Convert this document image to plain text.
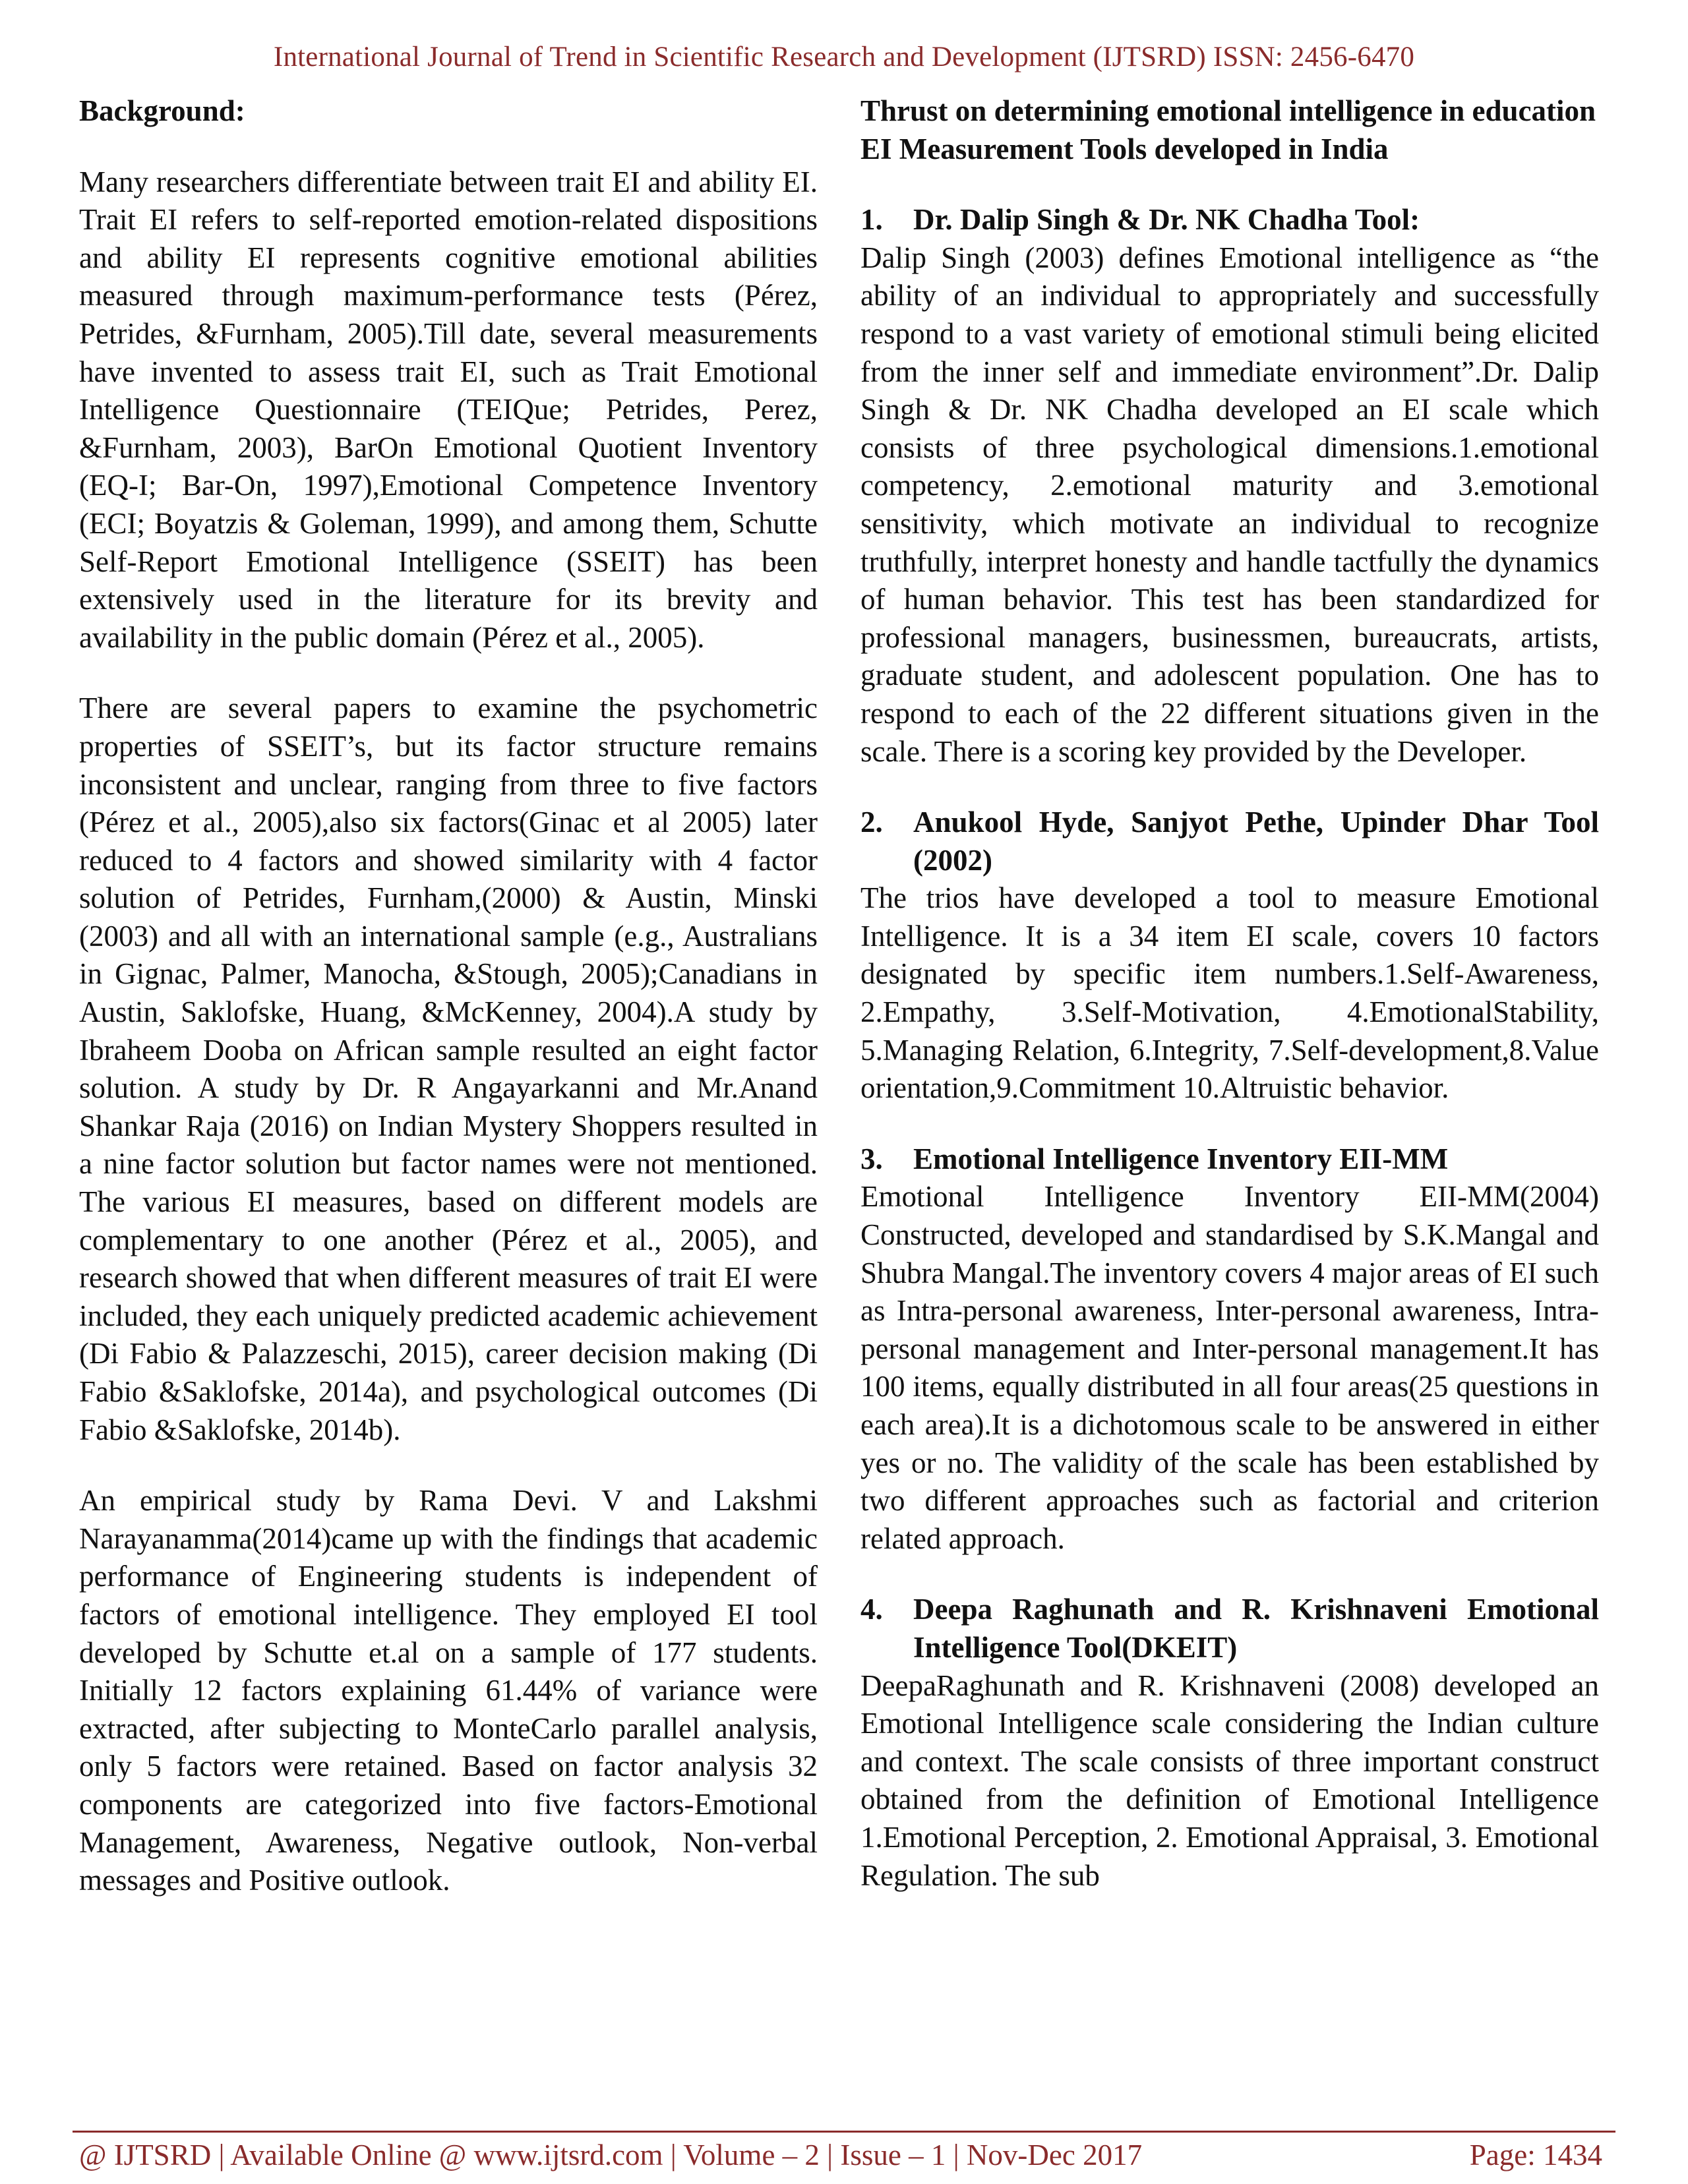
International Journal of Trend in Scientific Research and Development (IJTSRD) ISSN: 2456-6470

Background:

Many researchers differentiate between trait EI and ability EI. Trait EI refers to self-reported emotion-related dispositions and ability EI represents cognitive emotional abilities measured through maximum-performance tests (Pérez, Petrides, &Furnham, 2005).Till date, several measurements have invented to assess trait EI, such as Trait Emotional Intelligence Questionnaire (TEIQue; Petrides, Perez, &Furnham, 2003), BarOn Emotional Quotient Inventory (EQ-I; Bar-On, 1997),Emotional Competence Inventory (ECI; Boyatzis & Goleman, 1999), and among them, Schutte Self-Report Emotional Intelligence (SSEIT) has been extensively used in the literature for its brevity and availability in the public domain (Pérez et al., 2005).

There are several papers to examine the psychometric properties of SSEIT’s, but its factor structure remains inconsistent and unclear, ranging from three to five factors (Pérez et al., 2005),also six factors(Ginac et al 2005) later reduced to 4 factors and showed similarity with 4 factor solution of Petrides, Furnham,(2000) & Austin, Minski (2003) and all with an international sample (e.g., Australians in Gignac, Palmer, Manocha, &Stough, 2005);Canadians in Austin, Saklofske, Huang, &McKenney, 2004).A study by Ibraheem Dooba on African sample resulted an eight factor solution. A study by Dr. R Angayarkanni and Mr.Anand Shankar Raja (2016) on Indian Mystery Shoppers resulted in a nine factor solution but factor names were not mentioned. The various EI measures, based on different models are complementary to one another (Pérez et al., 2005), and research showed that when different measures of trait EI were included, they each uniquely predicted academic achievement (Di Fabio & Palazzeschi, 2015), career decision making (Di Fabio &Saklofske, 2014a), and psychological outcomes (Di Fabio &Saklofske, 2014b).

An empirical study by Rama Devi. V and Lakshmi Narayanamma(2014)came up with the findings that academic performance of Engineering students is independent of factors of emotional intelligence. They employed EI tool developed by Schutte et.al on a sample of 177 students. Initially 12 factors explaining 61.44% of variance were extracted, after subjecting to MonteCarlo parallel analysis, only 5 factors were retained. Based on factor analysis 32 components are categorized into five factors-Emotional Management, Awareness, Negative outlook, Non-verbal messages and Positive outlook.

Thrust on determining emotional intelligence in education

EI Measurement Tools developed in India

1.	Dr. Dalip Singh & Dr. NK Chadha Tool:

Dalip Singh (2003) defines Emotional intelligence as “the ability of an individual to appropriately and successfully respond to a vast variety of emotional stimuli being elicited from the inner self and immediate environment”.Dr. Dalip Singh & Dr. NK Chadha developed an EI scale which consists of three psychological dimensions.1.emotional competency, 2.emotional maturity and 3.emotional sensitivity, which motivate an individual to recognize truthfully, interpret honesty and handle tactfully the dynamics of human behavior. This test has been standardized for professional managers, businessmen, bureaucrats, artists, graduate student, and adolescent population. One has to respond to each of the 22 different situations given in the scale. There is a scoring key provided by the Developer.

2.	Anukool Hyde, Sanjyot Pethe, Upinder Dhar Tool (2002)

The trios have developed a tool to measure Emotional Intelligence. It is a 34 item EI scale, covers 10 factors designated by specific item numbers.1.Self-Awareness, 2.Empathy, 3.Self-Motivation, 4.EmotionalStability, 5.Managing Relation, 6.Integrity, 7.Self-development,8.Value orientation,9.Commitment 10.Altruistic behavior.

3.	Emotional Intelligence Inventory EII-MM

Emotional Intelligence Inventory EII-MM(2004) Constructed, developed and standardised by S.K.Mangal and Shubra Mangal.The inventory covers 4 major areas of EI such as Intra-personal awareness, Inter-personal awareness, Intra-personal management and Inter-personal management.It has 100 items, equally distributed in all four areas(25 questions in each area).It is a dichotomous scale to be answered in either yes or no. The validity of the scale has been established by two different approaches such as factorial and criterion related approach.

4.	Deepa Raghunath and R. Krishnaveni Emotional Intelligence Tool(DKEIT)

DeepaRaghunath and R. Krishnaveni (2008) developed an Emotional Intelligence scale considering the Indian culture and context. The scale consists of three important construct obtained from the definition of Emotional Intelligence 1.Emotional Perception, 2. Emotional Appraisal, 3. Emotional Regulation. The sub

@ IJTSRD | Available Online @ www.ijtsrd.com | Volume – 2 | Issue – 1 | Nov-Dec 2017	Page: 1434
